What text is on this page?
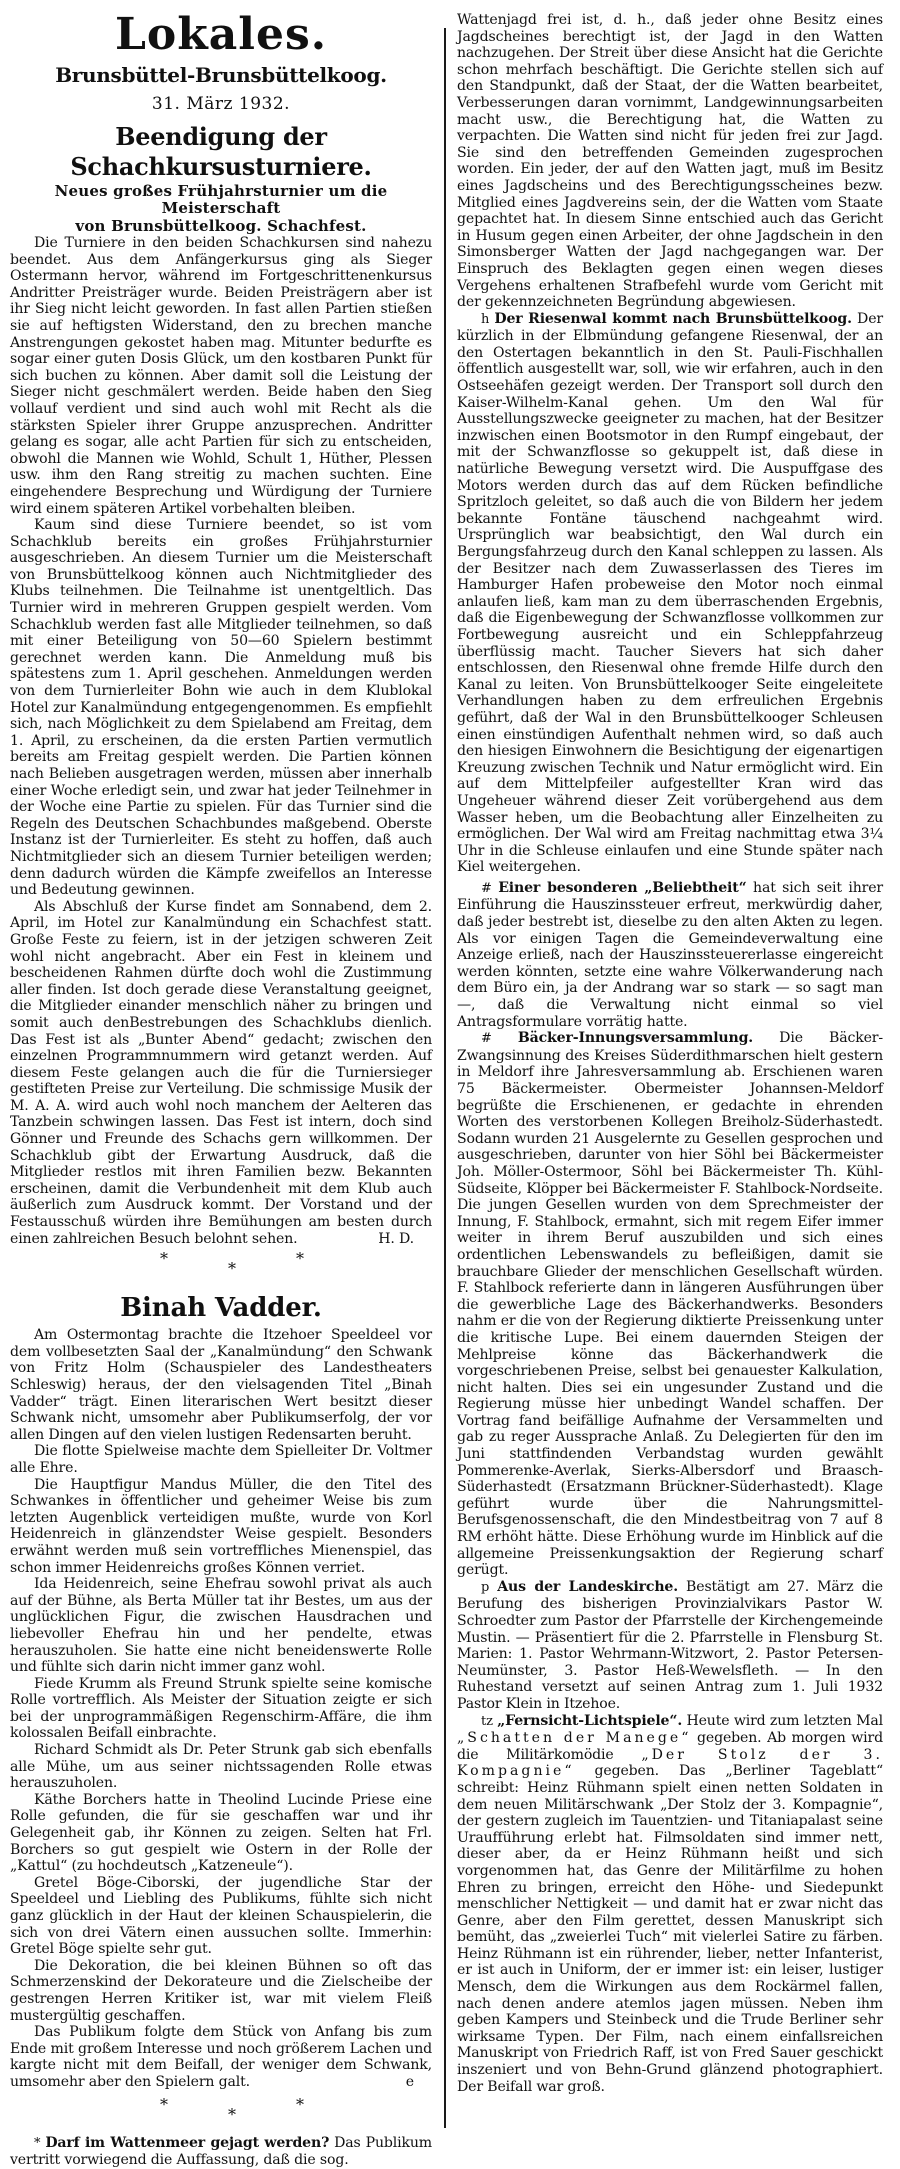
Lokales.
Brunsbüttel-Brunsbüttelkoog.
31. März 1932.
Beendigung der Schachkursusturniere.
Neues großes Frühjahrsturnier um die Meisterschaft
von Brunsbüttelkoog. Schachfest.

Die Turniere in den beiden Schachkursen sind nahezu beendet. Aus dem Anfängerkursus ging als Sieger Ostermann hervor, während im Fortgeschrittenenkursus Andritter Preisträger wurde. Beiden Preisträgern aber ist ihr Sieg nicht leicht geworden. In fast allen Partien stießen sie auf heftigsten Widerstand, den zu brechen manche Anstrengungen gekostet haben mag. Mitunter bedurfte es sogar einer guten Dosis Glück, um den kostbaren Punkt für sich buchen zu können. Aber damit soll die Leistung der Sieger nicht geschmälert werden. Beide haben den Sieg vollauf verdient und sind auch wohl mit Recht als die stärksten Spieler ihrer Gruppe anzusprechen. Andritter gelang es sogar, alle acht Partien für sich zu entscheiden, obwohl die Mannen wie Wohld, Schult 1, Hüther, Plessen usw. ihm den Rang streitig zu machen suchten. Eine eingehendere Besprechung und Würdigung der Turniere wird einem späteren Artikel vorbehalten bleiben.

Kaum sind diese Turniere beendet, so ist vom Schachklub bereits ein großes Frühjahrsturnier ausgeschrieben. An diesem Turnier um die Meisterschaft von Brunsbüttelkoog können auch Nichtmitglieder des Klubs teilnehmen. Die Teilnahme ist unentgeltlich. Das Turnier wird in mehreren Gruppen gespielt werden. Vom Schachklub werden fast alle Mitglieder teilnehmen, so daß mit einer Beteiligung von 50—60 Spielern bestimmt gerechnet werden kann. Die Anmeldung muß bis spätestens zum 1. April geschehen. Anmeldungen werden von dem Turnierleiter Bohn wie auch in dem Klublokal Hotel zur Kanalmündung entgegengenommen. Es empfiehlt sich, nach Möglichkeit zu dem Spielabend am Freitag, dem 1. April, zu erscheinen, da die ersten Partien vermutlich bereits am Freitag gespielt werden. Die Partien können nach Belieben ausgetragen werden, müssen aber innerhalb einer Woche erledigt sein, und zwar hat jeder Teilnehmer in der Woche eine Partie zu spielen. Für das Turnier sind die Regeln des Deutschen Schachbundes maßgebend. Oberste Instanz ist der Turnierleiter. Es steht zu hoffen, daß auch Nichtmitglieder sich an diesem Turnier beteiligen werden; denn dadurch würden die Kämpfe zweifellos an Interesse und Bedeutung gewinnen.

Als Abschluß der Kurse findet am Sonnabend, dem 2. April, im Hotel zur Kanalmündung ein Schachfest statt. Große Feste zu feiern, ist in der jetzigen schweren Zeit wohl nicht angebracht. Aber ein Fest in kleinem und bescheidenen Rahmen dürfte doch wohl die Zustimmung aller finden. Ist doch gerade diese Veranstaltung geeignet, die Mitglieder einander menschlich näher zu bringen und somit auch denBestrebungen des Schachklubs dienlich. Das Fest ist als „Bunter Abend“ gedacht; zwischen den einzelnen Programmnummern wird getanzt werden. Auf diesem Feste gelangen auch die für die Turniersieger gestifteten Preise zur Verteilung. Die schmissige Musik der M. A. A. wird auch wohl noch manchem der Aelteren das Tanzbein schwingen lassen. Das Fest ist intern, doch sind Gönner und Freunde des Schachs gern willkommen. Der Schachklub gibt der Erwartung Ausdruck, daß die Mitglieder restlos mit ihren Familien bezw. Bekannten erscheinen, damit die Verbundenheit mit dem Klub auch äußerlich zum Ausdruck kommt. Der Vorstand und der Festausschuß würden ihre Bemühungen am besten durch einen zahlreichen Besuch belohnt sehen.	H. D.

*
*
*
Binah Vadder.

Am Ostermontag brachte die Itzehoer Speeldeel vor dem vollbesetzten Saal der „Kanalmündung“ den Schwank von Fritz Holm (Schauspieler des Landestheaters Schleswig) heraus, der den vielsagenden Titel „Binah Vadder“ trägt. Einen literarischen Wert besitzt dieser Schwank nicht, umsomehr aber Publikumserfolg, der vor allen Dingen auf den vielen lustigen Redensarten beruht.

Die flotte Spielweise machte dem Spielleiter Dr. Voltmer alle Ehre.

Die Hauptfigur Mandus Müller, die den Titel des Schwankes in öffentlicher und geheimer Weise bis zum letzten Augenblick verteidigen mußte, wurde von Korl Heidenreich in glänzendster Weise gespielt. Besonders erwähnt werden muß sein vortreffliches Mienenspiel, das schon immer Heidenreichs großes Können verriet.

Ida Heidenreich, seine Ehefrau sowohl privat als auch auf der Bühne, als Berta Müller tat ihr Bestes, um aus der unglücklichen Figur, die zwischen Hausdrachen und liebevoller Ehefrau hin und her pendelte, etwas herauszuholen. Sie hatte eine nicht beneidenswerte Rolle und fühlte sich darin nicht immer ganz wohl.

Fiede Krumm als Freund Strunk spielte seine komische Rolle vortrefflich. Als Meister der Situation zeigte er sich bei der unprogrammäßigen Regenschirm-Affäre, die ihm kolossalen Beifall einbrachte.

Richard Schmidt als Dr. Peter Strunk gab sich ebenfalls alle Mühe, um aus seiner nichtssagenden Rolle etwas herauszuholen.

Käthe Borchers hatte in Theolind Lucinde Priese eine Rolle gefunden, die für sie geschaffen war und ihr Gelegenheit gab, ihr Können zu zeigen. Selten hat Frl. Borchers so gut gespielt wie Ostern in der Rolle der „Kattul“ (zu hochdeutsch „Katzeneule“).

Gretel Böge-Ciborski, der jugendliche Star der Speeldeel und Liebling des Publikums, fühlte sich nicht ganz glücklich in der Haut der kleinen Schauspielerin, die sich von drei Vätern einen aussuchen sollte. Immerhin: Gretel Böge spielte sehr gut.

Die Dekoration, die bei kleinen Bühnen so oft das Schmerzenskind der Dekorateure und die Zielscheibe der gestrengen Herren Kritiker ist, war mit vielem Fleiß mustergültig geschaffen.

Das Publikum folgte dem Stück von Anfang bis zum Ende mit großem Interesse und noch größerem Lachen und kargte nicht mit dem Beifall, der weniger dem Schwank, umsomehr aber den Spielern galt.	e

*
*
*

* Darf im Wattenmeer gejagt werden? Das Publikum vertritt vorwiegend die Auffassung, daß die sog.

Wattenjagd frei ist, d. h., daß jeder ohne Besitz eines Jagdscheines berechtigt ist, der Jagd in den Watten nachzugehen. Der Streit über diese Ansicht hat die Gerichte schon mehrfach beschäftigt. Die Gerichte stellen sich auf den Standpunkt, daß der Staat, der die Watten bearbeitet, Verbesserungen daran vornimmt, Landgewinnungsarbeiten macht usw., die Berechtigung hat, die Watten zu verpachten. Die Watten sind nicht für jeden frei zur Jagd. Sie sind den betreffenden Gemeinden zugesprochen worden. Ein jeder, der auf den Watten jagt, muß im Besitz eines Jagdscheins und des Berechtigungsscheines bezw. Mitglied eines Jagdvereins sein, der die Watten vom Staate gepachtet hat. In diesem Sinne entschied auch das Gericht in Husum gegen einen Arbeiter, der ohne Jagdschein in den Simonsberger Watten der Jagd nachgegangen war. Der Einspruch des Beklagten gegen einen wegen dieses Vergehens erhaltenen Strafbefehl wurde vom Gericht mit der gekennzeichneten Begründung abgewiesen.

h Der Riesenwal kommt nach Brunsbüttelkoog. Der kürzlich in der Elbmündung gefangene Riesenwal, der an den Ostertagen bekanntlich in den St. Pauli-Fischhallen öffentlich ausgestellt war, soll, wie wir erfahren, auch in den Ostseehäfen gezeigt werden. Der Transport soll durch den Kaiser-Wilhelm-Kanal gehen. Um den Wal für Ausstellungszwecke geeigneter zu machen, hat der Besitzer inzwischen einen Bootsmotor in den Rumpf eingebaut, der mit der Schwanzflosse so gekuppelt ist, daß diese in natürliche Bewegung versetzt wird. Die Auspuffgase des Motors werden durch das auf dem Rücken befindliche Spritzloch geleitet, so daß auch die von Bildern her jedem bekannte Fontäne täuschend nachgeahmt wird. Ursprünglich war beabsichtigt, den Wal durch ein Bergungsfahrzeug durch den Kanal schleppen zu lassen. Als der Besitzer nach dem Zuwasserlassen des Tieres im Hamburger Hafen probeweise den Motor noch einmal anlaufen ließ, kam man zu dem überraschenden Ergebnis, daß die Eigenbewegung der Schwanzflosse vollkommen zur Fortbewegung ausreicht und ein Schleppfahrzeug überflüssig macht. Taucher Sievers hat sich daher entschlossen, den Riesenwal ohne fremde Hilfe durch den Kanal zu leiten. Von Brunsbüttelkooger Seite eingeleitete Verhandlungen haben zu dem erfreulichen Ergebnis geführt, daß der Wal in den Brunsbüttelkooger Schleusen einen einstündigen Aufenthalt nehmen wird, so daß auch den hiesigen Einwohnern die Besichtigung der eigenartigen Kreuzung zwischen Technik und Natur ermöglicht wird. Ein auf dem Mittelpfeiler aufgestellter Kran wird das Ungeheuer während dieser Zeit vorübergehend aus dem Wasser heben, um die Beobachtung aller Einzelheiten zu ermöglichen. Der Wal wird am Freitag nachmittag etwa 3¼ Uhr in die Schleuse einlaufen und eine Stunde später nach Kiel weitergehen.

# Einer besonderen „Beliebtheit“ hat sich seit ihrer Einführung die Hauszinssteuer erfreut, merkwürdig daher, daß jeder bestrebt ist, dieselbe zu den alten Akten zu legen. Als vor einigen Tagen die Gemeindeverwaltung eine Anzeige erließ, nach der Hauszinssteuererlasse eingereicht werden könnten, setzte eine wahre Völkerwanderung nach dem Büro ein, ja der Andrang war so stark — so sagt man —, daß die Verwaltung nicht einmal so viel Antragsformulare vorrätig hatte.

# Bäcker-Innungsversammlung. Die Bäcker-Zwangsinnung des Kreises Süderdithmarschen hielt gestern in Meldorf ihre Jahresversammlung ab. Erschienen waren 75 Bäckermeister. Obermeister Johannsen-Meldorf begrüßte die Erschienenen, er gedachte in ehrenden Worten des verstorbenen Kollegen Breiholz-Süderhastedt. Sodann wurden 21 Ausgelernte zu Gesellen gesprochen und ausgeschrieben, darunter von hier Söhl bei Bäckermeister Joh. Möller-Ostermoor, Söhl bei Bäckermeister Th. Kühl-Südseite, Klöpper bei Bäckermeister F. Stahlbock-Nordseite. Die jungen Gesellen wurden von dem Sprechmeister der Innung, F. Stahlbock, ermahnt, sich mit regem Eifer immer weiter in ihrem Beruf auszubilden und sich eines ordentlichen Lebenswandels zu befleißigen, damit sie brauchbare Glieder der menschlichen Gesellschaft würden. F. Stahlbock referierte dann in längeren Ausführungen über die gewerbliche Lage des Bäckerhandwerks. Besonders nahm er die von der Regierung diktierte Preissenkung unter die kritische Lupe. Bei einem dauernden Steigen der Mehlpreise könne das Bäckerhandwerk die vorgeschriebenen Preise, selbst bei genauester Kalkulation, nicht halten. Dies sei ein ungesunder Zustand und die Regierung müsse hier unbedingt Wandel schaffen. Der Vortrag fand beifällige Aufnahme der Versammelten und gab zu reger Aussprache Anlaß. Zu Delegierten für den im Juni stattfindenden Verbandstag wurden gewählt Pommerenke-Averlak, Sierks-Albersdorf und Braasch-Süderhastedt (Ersatzmann Brückner-Süderhastedt). Klage geführt wurde über die Nahrungsmittel-Berufsgenossenschaft, die den Mindestbeitrag von 7 auf 8 RM erhöht hätte. Diese Erhöhung wurde im Hinblick auf die allgemeine Preissenkungsaktion der Regierung scharf gerügt.

p Aus der Landeskirche. Bestätigt am 27. März die Berufung des bisherigen Provinzialvikars Pastor W. Schroedter zum Pastor der Pfarrstelle der Kirchengemeinde Mustin. — Präsentiert für die 2. Pfarrstelle in Flensburg St. Marien: 1. Pastor Wehrmann-Witzwort, 2. Pastor Petersen-Neumünster, 3. Pastor Heß-Wewelsfleth. — In den Ruhestand versetzt auf seinen Antrag zum 1. Juli 1932 Pastor Klein in Itzehoe.

tz „Fernsicht-Lichtspiele“. Heute wird zum letzten Mal „Schatten der Manege“ gegeben. Ab morgen wird die Militärkomödie „Der Stolz der 3. Kompagnie“ gegeben. Das „Berliner Tageblatt“ schreibt: Heinz Rühmann spielt einen netten Soldaten in dem neuen Militärschwank „Der Stolz der 3. Kompagnie“, der gestern zugleich im Tauentzien- und Titaniapalast seine Uraufführung erlebt hat. Filmsoldaten sind immer nett, dieser aber, da er Heinz Rühmann heißt und sich vorgenommen hat, das Genre der Militärfilme zu hohen Ehren zu bringen, erreicht den Höhe- und Siedepunkt menschlicher Nettigkeit — und damit hat er zwar nicht das Genre, aber den Film gerettet, dessen Manuskript sich bemüht, das „zweierlei Tuch“ mit vielerlei Satire zu färben. Heinz Rühmann ist ein rührender, lieber, netter Infanterist, er ist auch in Uniform, der er immer ist: ein leiser, lustiger Mensch, dem die Wirkungen aus dem Rockärmel fallen, nach denen andere atemlos jagen müssen. Neben ihm geben Kampers und Steinbeck und die Trude Berliner sehr wirksame Typen. Der Film, nach einem einfallsreichen Manuskript von Friedrich Raff, ist von Fred Sauer geschickt inszeniert und von Behn-Grund glänzend photographiert. Der Beifall war groß.
